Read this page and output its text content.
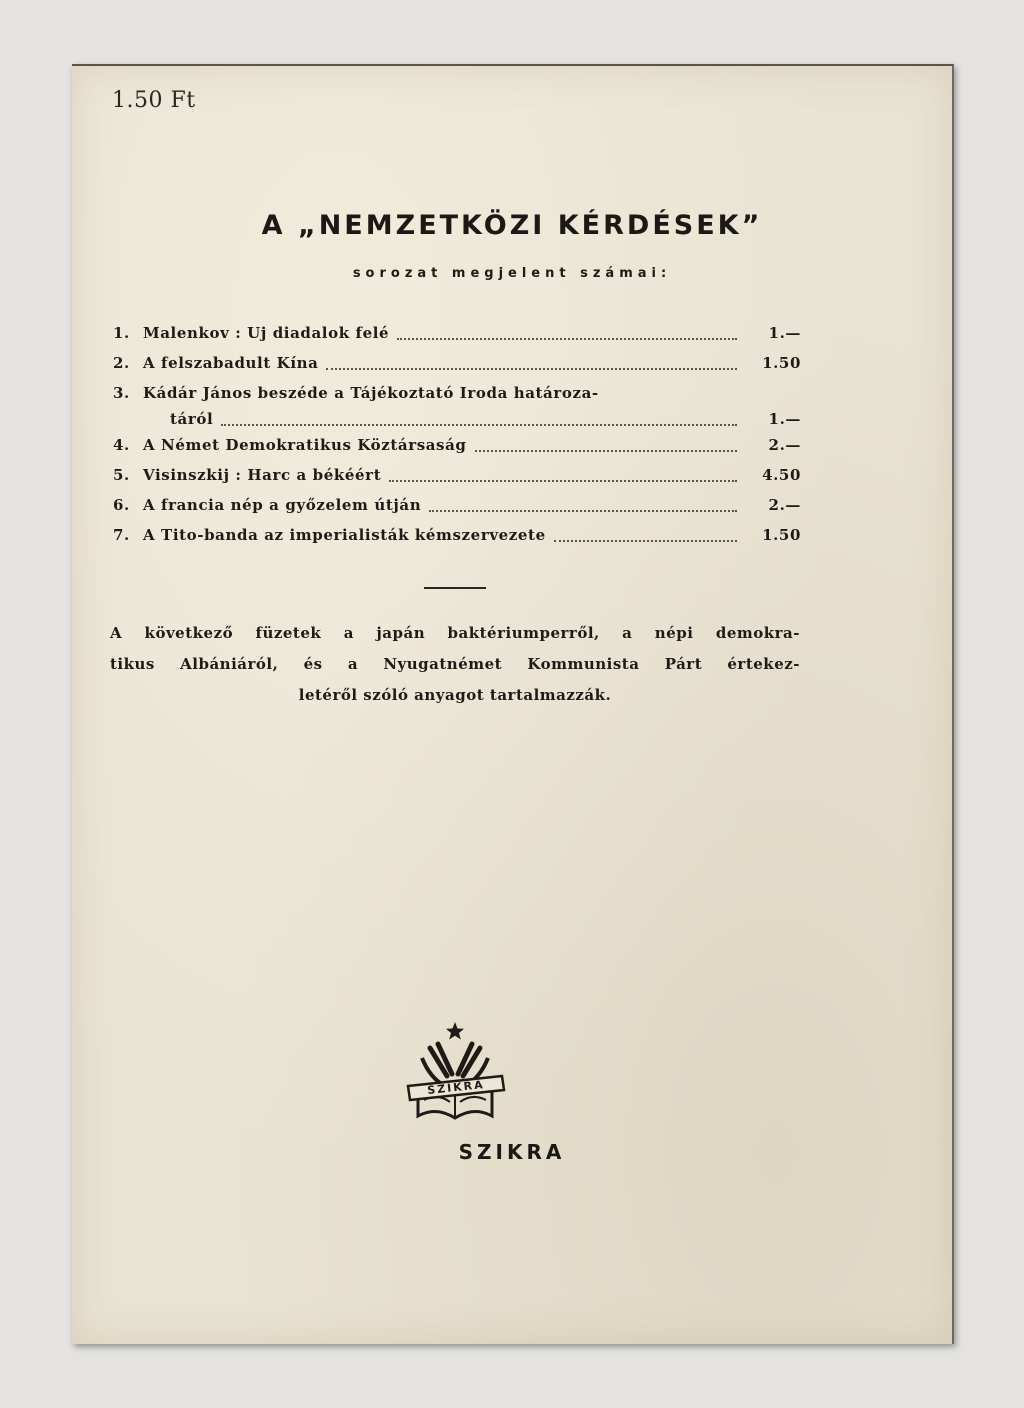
1.50 Ft
A „NEMZETKÖZI KÉRDÉSEK”
sorozat megjelent számai:
1. Malenkov : Uj diadalok felé	1.—
2. A felszabadult Kína	1.50
3. Kádár János beszéde a Tájékoztató Iroda határoza-
táról	1.—
4. A Német Demokratikus Köztársaság	2.—
5. Visinszkij : Harc a békéért	4.50
6. A francia nép a győzelem útján	2.—
7. A Tito-banda az imperialisták kémszervezete	1.50
A következő füzetek a japán baktériumperről, a népi demokra-
tikus Albániáról, és a Nyugatnémet Kommunista Párt értekez-
letéről szóló anyagot tartalmazzák.
SZIKRA
SZIKRA
